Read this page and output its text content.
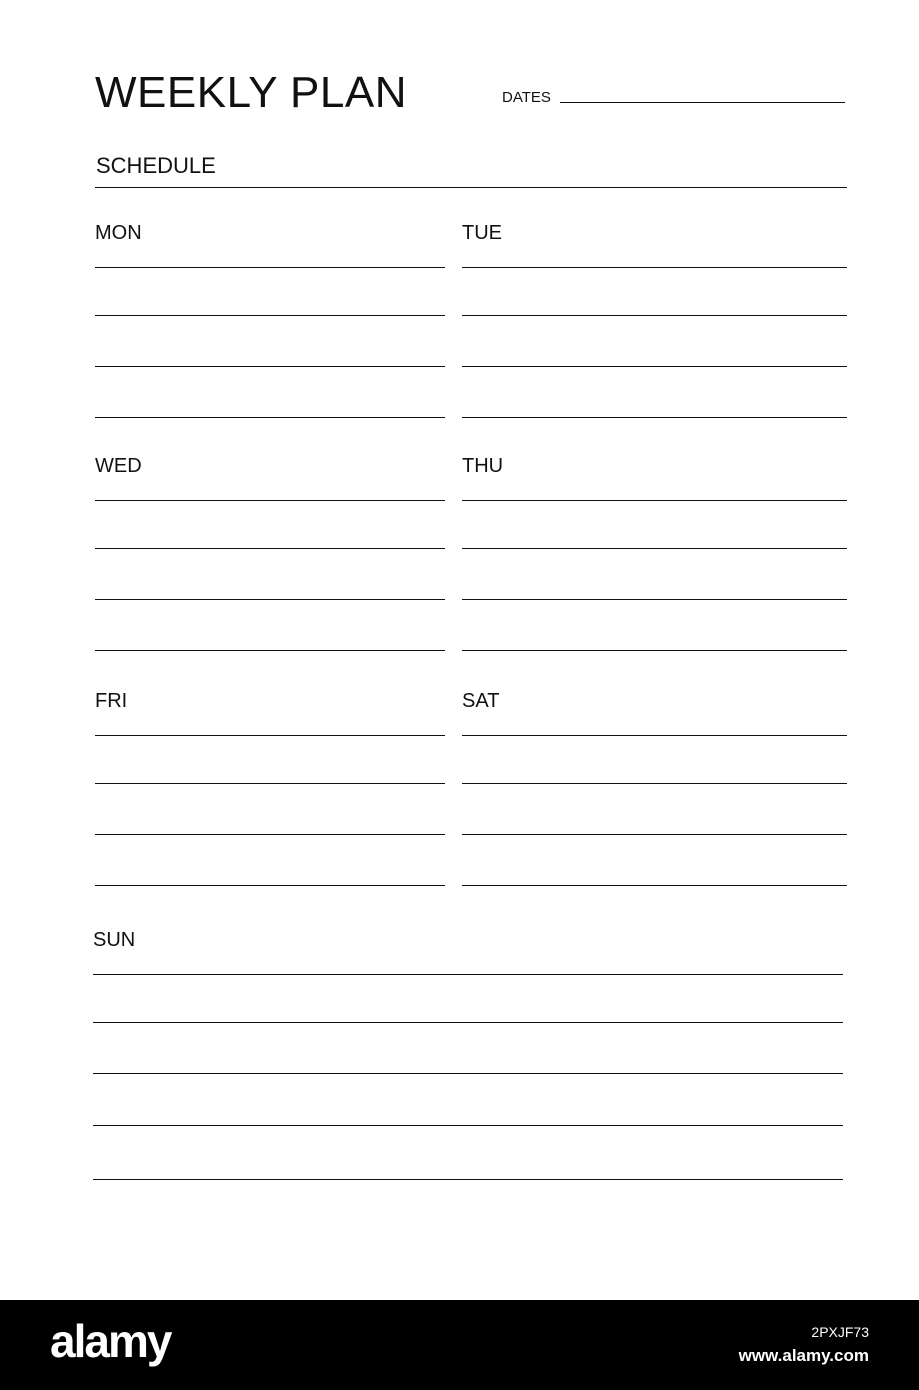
WEEKLY PLAN	DATES
SCHEDULE
MON	TUE
WED	THU
FRI	SAT
SUN
alamy	2PXJF73
www.alamy.com
